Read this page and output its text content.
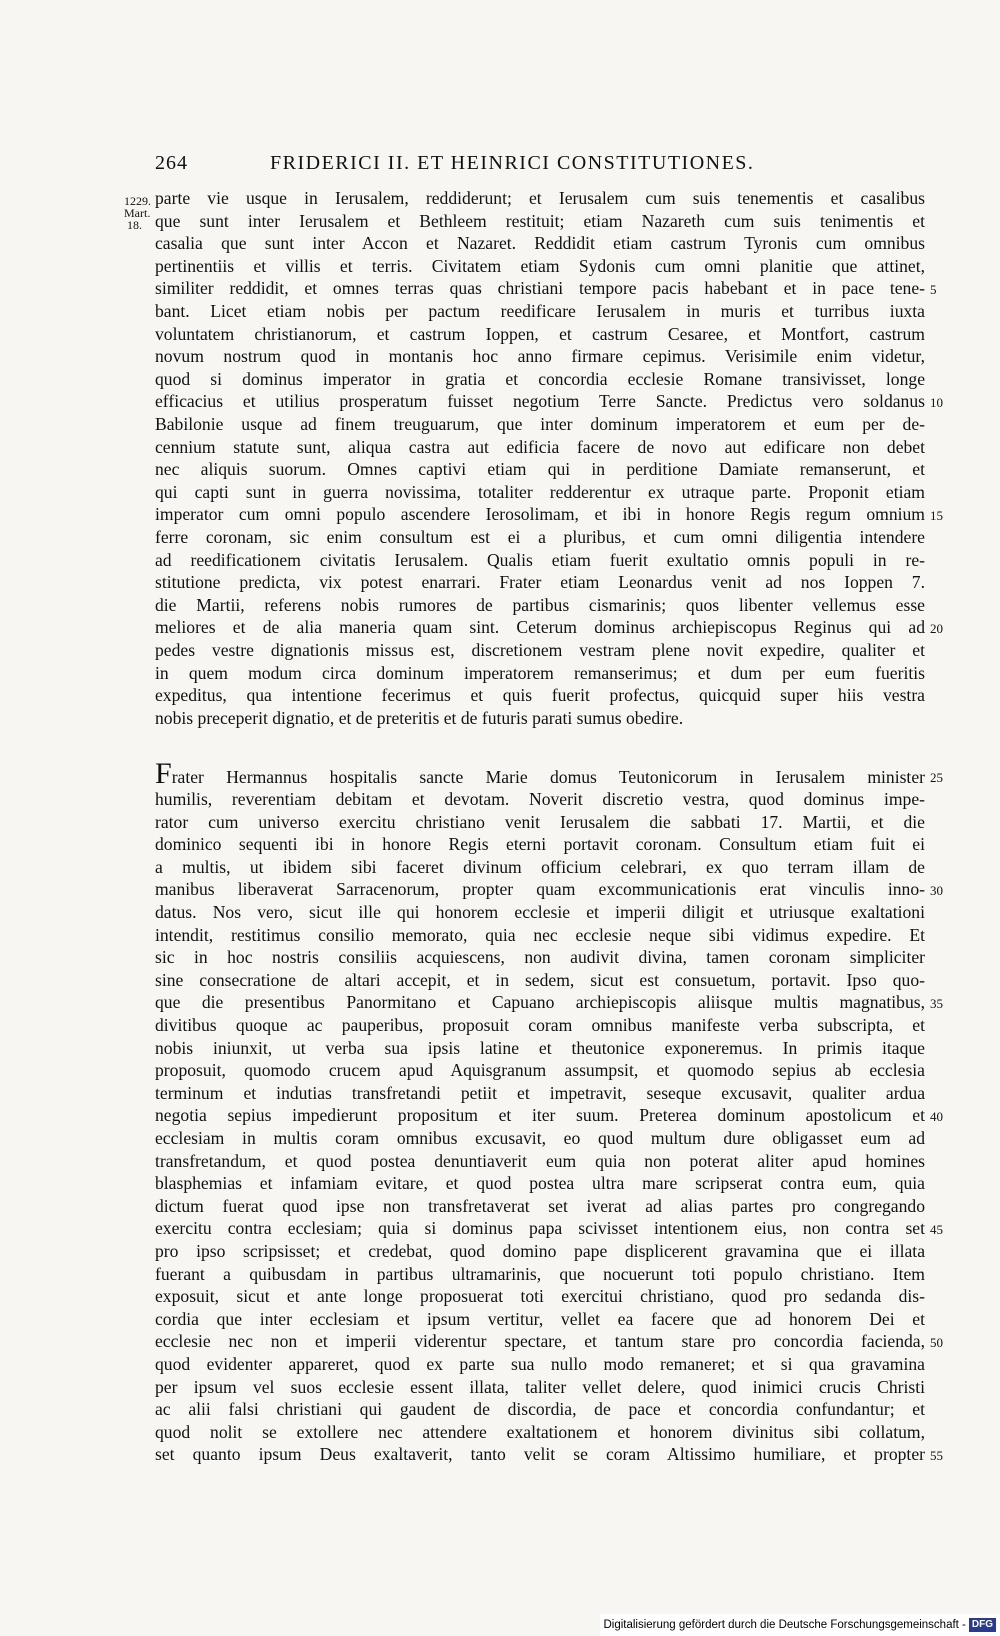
264	FRIDERICI II. ET HEINRICI CONSTITUTIONES.
1229.
Mart.
18.
parte vie usque in Ierusalem, reddiderunt; et Ierusalem cum suis tenementis et casalibus
que sunt inter Ierusalem et Bethleem restituit; etiam Nazareth cum suis tenimentis et
casalia que sunt inter Accon et Nazaret. Reddidit etiam castrum Tyronis cum omnibus
pertinentiis et villis et terris. Civitatem etiam Sydonis cum omni planitie que attinet,
similiter reddidit, et omnes terras quas christiani tempore pacis habebant et in pace tene-
bant. Licet etiam nobis per pactum reedificare Ierusalem in muris et turribus iuxta
voluntatem christianorum, et castrum Ioppen, et castrum Cesaree, et Montfort, castrum
novum nostrum quod in montanis hoc anno firmare cepimus. Verisimile enim videtur,
quod si dominus imperator in gratia et concordia ecclesie Romane transivisset, longe
efficacius et utilius prosperatum fuisset negotium Terre Sancte. Predictus vero soldanus
Babilonie usque ad finem treuguarum, que inter dominum imperatorem et eum per de-
cennium statute sunt, aliqua castra aut edificia facere de novo aut edificare non debet
nec aliquis suorum. Omnes captivi etiam qui in perditione Damiate remanserunt, et
qui capti sunt in guerra novissima, totaliter redderentur ex utraque parte. Proponit etiam
imperator cum omni populo ascendere Ierosolimam, et ibi in honore Regis regum omnium
ferre coronam, sic enim consultum est ei a pluribus, et cum omni diligentia intendere
ad reedificationem civitatis Ierusalem. Qualis etiam fuerit exultatio omnis populi in re-
stitutione predicta, vix potest enarrari. Frater etiam Leonardus venit ad nos Ioppen 7.
die Martii, referens nobis rumores de partibus cismarinis; quos libenter vellemus esse
meliores et de alia maneria quam sint. Ceterum dominus archiepiscopus Reginus qui ad
pedes vestre dignationis missus est, discretionem vestram plene novit expedire, qualiter et
in quem modum circa dominum imperatorem remanserimus; et dum per eum fueritis
expeditus, qua intentione fecerimus et quis fuerit profectus, quicquid super hiis vestra
nobis preceperit dignatio, et de preteritis et de futuris parati sumus obedire.
Frater Hermannus hospitalis sancte Marie domus Teutonicorum in Ierusalem minister 25
humilis, reverentiam debitam et devotam. Noverit discretio vestra, quod dominus impe-
rator cum universo exercitu christiano venit Ierusalem die sabbati 17. Martii, et die
dominico sequenti ibi in honore Regis eterni portavit coronam. Consultum etiam fuit ei
a multis, ut ibidem sibi faceret divinum officium celebrari, ex quo terram illam de
manibus liberaverat Sarracenorum, propter quam excommunicationis erat vinculis inno-
datus. Nos vero, sicut ille qui honorem ecclesie et imperii diligit et utriusque exaltationi
intendit, restitimus consilio memorato, quia nec ecclesie neque sibi vidimus expedire. Et
sic in hoc nostris consiliis acquiescens, non audivit divina, tamen coronam simpliciter
sine consecratione de altari accepit, et in sedem, sicut est consuetum, portavit. Ipso quo-
que die presentibus Panormitano et Capuano archiepiscopis aliisque multis magnatibus,
divitibus quoque ac pauperibus, proposuit coram omnibus manifeste verba subscripta, et
nobis iniunxit, ut verba sua ipsis latine et theutonice exponeremus. In primis itaque
proposuit, quomodo crucem apud Aquisgranum assumpsit, et quomodo sepius ab ecclesia
terminum et indutias transfretandi petiit et impetravit, seseque excusavit, qualiter ardua
negotia sepius impedierunt propositum et iter suum. Preterea dominum apostolicum et
ecclesiam in multis coram omnibus excusavit, eo quod multum dure obligasset eum ad
transfretandum, et quod postea denuntiaverit eum quia non poterat aliter apud homines
blasphemias et infamiam evitare, et quod postea ultra mare scripserat contra eum, quia
dictum fuerat quod ipse non transfretaverat set iverat ad alias partes pro congregando
exercitu contra ecclesiam; quia si dominus papa scivisset intentionem eius, non contra set
pro ipso scripsisset; et credebat, quod domino pape displicerent gravamina que ei illata
fuerant a quibusdam in partibus ultramarinis, que nocuerunt toti populo christiano. Item
exposuit, sicut et ante longe proposuerat toti exercitui christiano, quod pro sedanda dis-
cordia que inter ecclesiam et ipsum vertitur, vellet ea facere que ad honorem Dei et
ecclesie nec non et imperii viderentur spectare, et tantum stare pro concordia facienda,
quod evidenter appareret, quod ex parte sua nullo modo remaneret; et si qua gravamina
per ipsum vel suos ecclesie essent illata, taliter vellet delere, quod inimici crucis Christi
ac alii falsi christiani qui gaudent de discordia, de pace et concordia confundantur; et
quod nolit se extollere nec attendere exaltationem et honorem divinitus sibi collatum,
set quanto ipsum Deus exaltaverit, tanto velit se coram Altissimo humiliare, et propter
Digitalisierung gefördert durch die Deutsche Forschungsgemeinschaft - DFG
5
10
15
20
30
35
40
45
50
55
